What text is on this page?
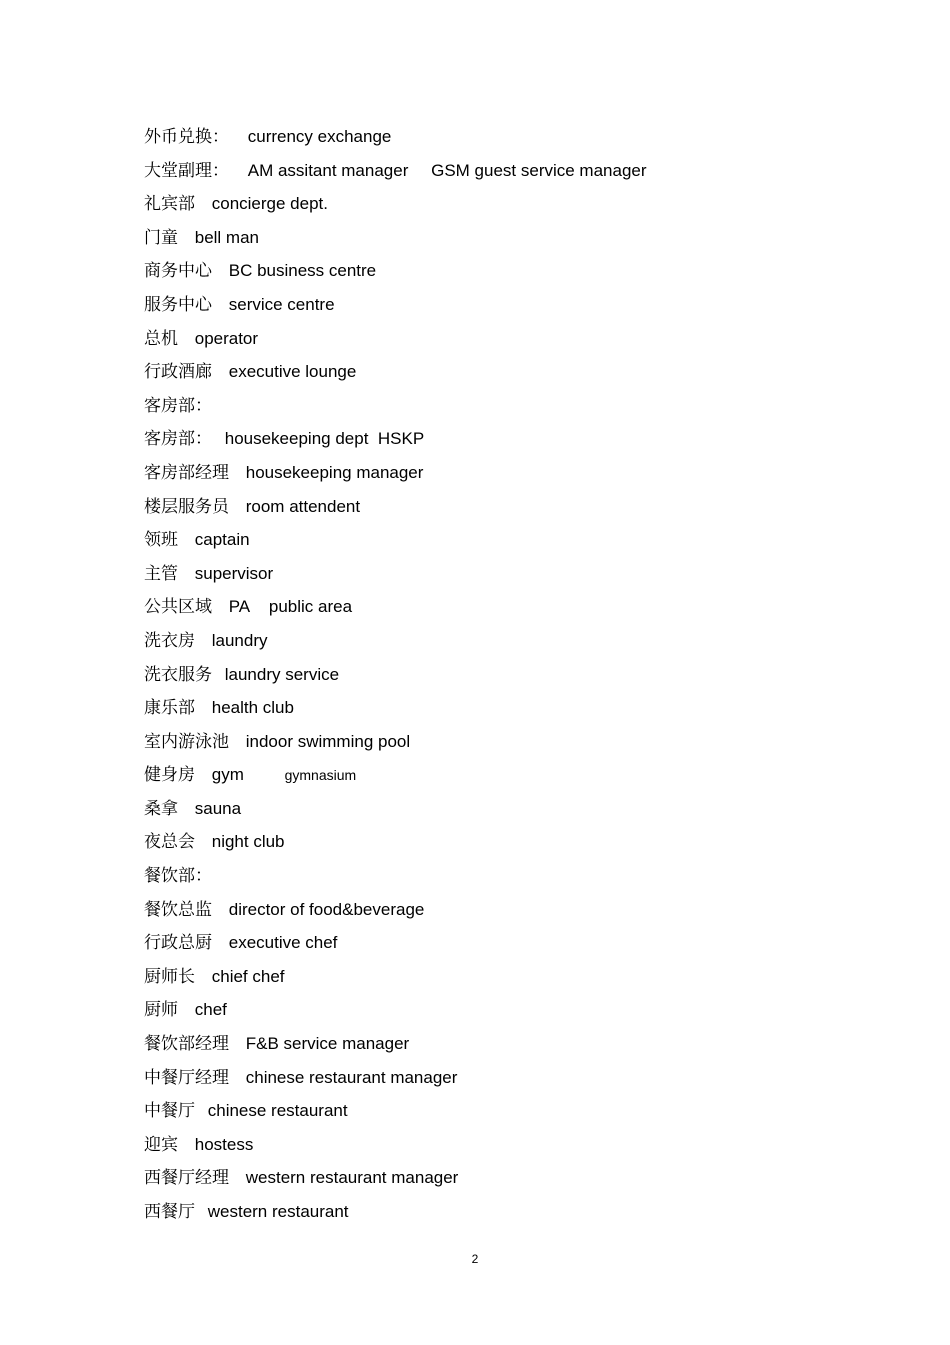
外币兑换： currency exchange
大堂副理： AM assitant manager GSM guest service manager
礼宾部 concierge dept.
门童 bell man
商务中心 BC business centre
服务中心 service centre
总机 operator
行政酒廊 executive lounge
客房部：
客房部： housekeeping dept  HSKP
客房部经理 housekeeping manager
楼层服务员 room attendent
领班 captain
主管 supervisor
公共区域 PA public area
洗衣房 laundry
洗衣服务 laundry service
康乐部 health club
室内游泳池 indoor swimming pool
健身房 gym	gymnasium
桑拿 sauna
夜总会 night club
餐饮部：
餐饮总监 director of food&beverage
行政总厨 executive chef
厨师长 chief chef
厨师 chef
餐饮部经理 F&B service manager
中餐厅经理 chinese restaurant manager
中餐厅 chinese restaurant
迎宾 hostess
西餐厅经理 western restaurant manager
西餐厅 western restaurant
2
